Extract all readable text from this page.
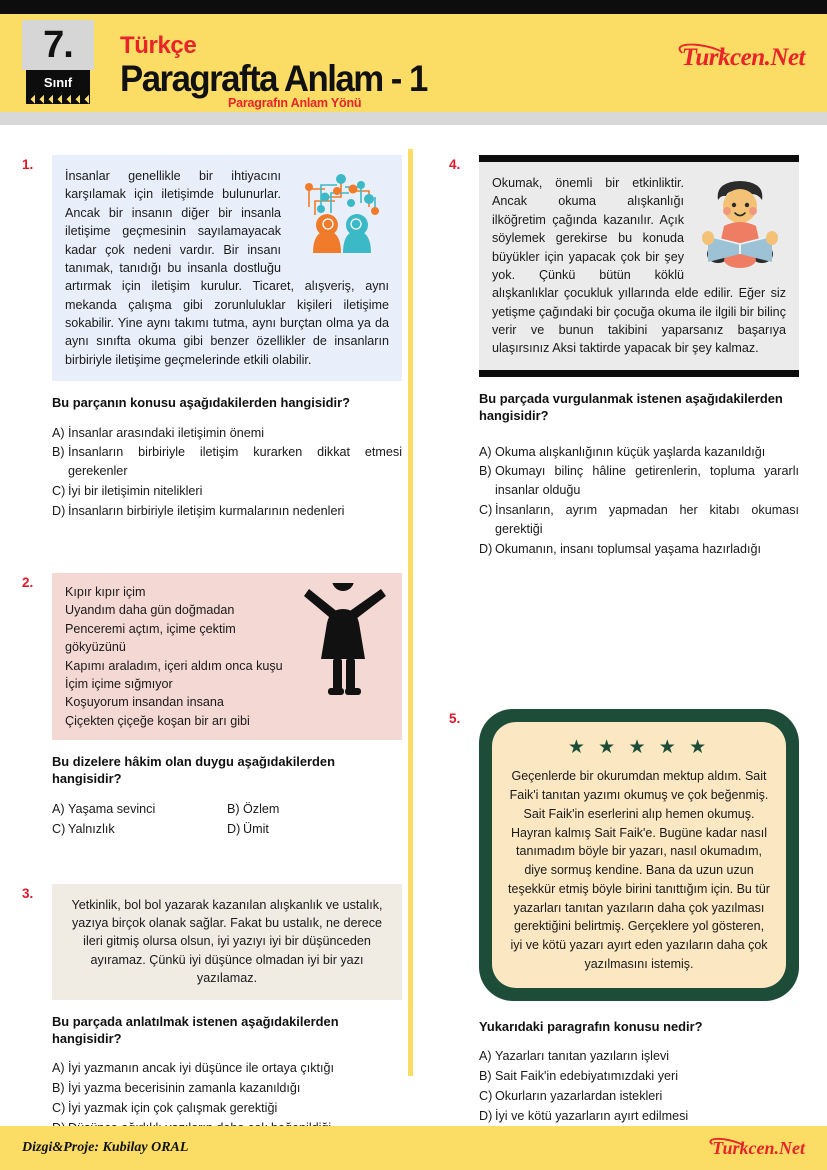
7.
Sınıf
Türkçe
Paragrafta Anlam - 1
Paragrafın Anlam Yönü
Turkcen.Net
1.
İnsanlar genellikle bir ihtiyacını karşılamak için iletişimde bulunurlar. Ancak bir insanın diğer bir insanla iletişime geçmesinin sayılamayacak kadar çok nedeni vardır. Bir insanı tanımak, tanıdığı bu insanla dostluğu artırmak için iletişim kurulur. Ticaret, alışveriş, aynı mekanda çalışma gibi zorunluluklar kişileri iletişime sokabilir. Yine aynı takımı tutma, aynı burçtan olma ya da aynı sınıfta okuma gibi benzer özellikler de insanların birbiriyle iletişime geçmelerinde etkili olabilir.
Bu parçanın konusu aşağıdakilerden hangisidir?
A) İnsanlar arasındaki iletişimin önemi
B) İnsanların birbiriyle iletişim kurarken dikkat etmesi gerekenler
C) İyi bir iletişimin nitelikleri
D) İnsanların birbiriyle iletişim kurmalarının nedenleri
2.
Kıpır kıpır içim
Uyandım daha gün doğmadan
Penceremi açtım, içime çektim gökyüzünü
Kapımı araladım, içeri aldım onca kuşu
İçim içime sığmıyor
Koşuyorum insandan insana
Çiçekten çiçeğe koşan bir arı gibi
Bu dizelere hâkim olan duygu aşağıdakilerden hangisidir?
A) Yaşama sevinci	B) Özlem
C) Yalnızlık	D) Ümit
3.
Yetkinlik, bol bol yazarak kazanılan alışkanlık ve ustalık, yazıya birçok olanak sağlar. Fakat bu ustalık, ne derece ileri gitmiş olursa olsun, iyi yazıyı iyi bir düşünceden ayıramaz. Çünkü iyi düşünce olmadan iyi bir yazı yazılamaz.
Bu parçada anlatılmak istenen aşağıdakilerden hangisidir?
A) İyi yazmanın ancak iyi düşünce ile ortaya çıktığı
B) İyi yazma becerisinin zamanla kazanıldığı
C) İyi yazmak için çok çalışmak gerektiği
4.
Okumak, önemli bir etkinliktir. Ancak okuma alışkanlığı ilköğretim çağında kazanılır. Açık söylemek gerekirse bu konuda büyükler için yapacak çok bir şey yok. Çünkü bütün köklü alışkanlıklar çocukluk yıllarında elde edilir. Eğer siz yetişme çağındaki bir çocuğa okuma ile ilgili bir bilinç verir ve bunun takibini yaparsanız başarıya ulaşırsınız Aksi taktirde yapacak bir şey kalmaz.
Bu parçada vurgulanmak istenen aşağıdakilerden hangisidir?
A) Okuma alışkanlığının küçük yaşlarda kazanıldığı
B) Okumayı bilinç hâline getirenlerin, topluma yararlı insanlar olduğu
C) İnsanların, ayrım yapmadan her kitabı okuması gerektiği
D) Okumanın, insanı toplumsal yaşama hazırladığı
5.
★ ★ ★ ★ ★
Geçenlerde bir okurumdan mektup aldım. Sait Faik'i tanıtan yazımı okumuş ve çok beğenmiş. Sait Faik'in eserlerini alıp hemen okumuş. Hayran kalmış Sait Faik'e. Bugüne kadar nasıl tanımadım böyle bir yazarı, nasıl okumadım, diye sormuş kendine. Bana da uzun uzun teşekkür etmiş böyle birini tanıttığım için. Bu tür yazarları tanıtan yazıların daha çok yazılması gerektiğini belirtmiş. Gerçeklere yol gösteren, iyi ve kötü yazarı ayırt eden yazıların daha çok yazılmasını istemiş.
Yukarıdaki paragrafın konusu nedir?
A) Yazarları tanıtan yazıların işlevi
B) Sait Faik'in edebiyatımızdaki yeri
C) Okurların yazarlardan istekleri
D) İyi ve kötü yazarların ayırt edilmesi
Dizgi&Proje: Kubilay ORAL	Turkcen.Net
